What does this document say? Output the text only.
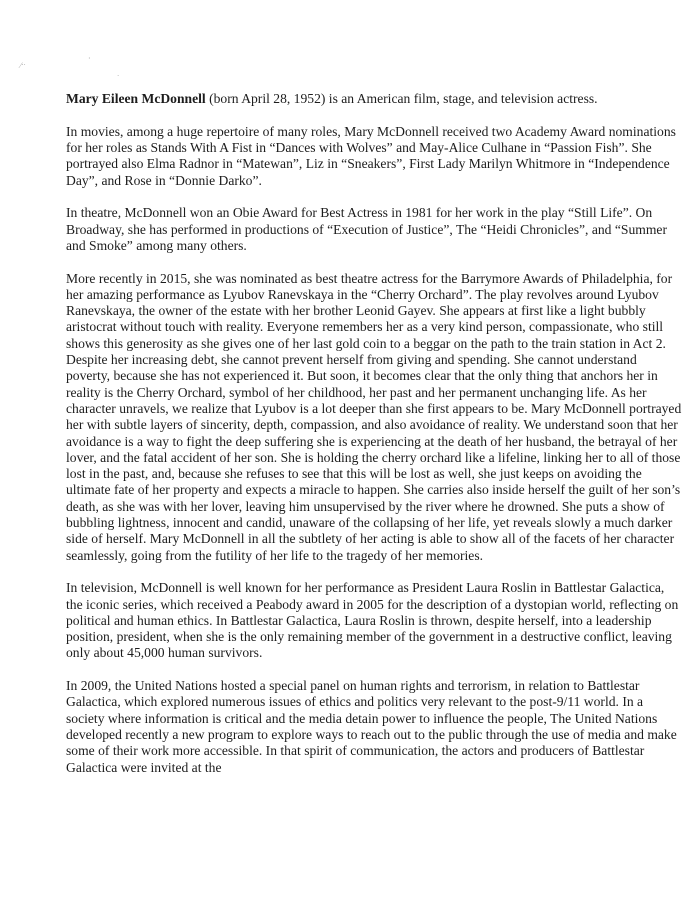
⁄ˑˑ
·
ˑ

Mary Eileen McDonnell (born April 28, 1952) is an American film, stage, and television actress.

In movies, among a huge repertoire of many roles, Mary McDonnell received two Academy Award nominations for her roles as Stands With A Fist in “Dances with Wolves” and May-Alice Culhane in “Passion Fish”. She portrayed also Elma Radnor in “Matewan”, Liz in “Sneakers”, First Lady Marilyn Whitmore in “Independence Day”, and Rose in “Donnie Darko”.

In theatre, McDonnell won an Obie Award for Best Actress in 1981 for her work in the play “Still Life”. On Broadway, she has performed in productions of “Execution of Justice”, The “Heidi Chronicles”, and “Summer and Smoke” among many others.

More recently in 2015, she was nominated as best theatre actress for the Barrymore Awards of Philadelphia, for her amazing performance as Lyubov Ranevskaya in the “Cherry Orchard”. The play revolves around Lyubov Ranevskaya, the owner of the estate with her brother Leonid Gayev. She appears at first like a light bubbly aristocrat without touch with reality. Everyone remembers her as a very kind person, compassionate, who still shows this generosity as she gives one of her last gold coin to a beggar on the path to the train station in Act 2. Despite her increasing debt, she cannot prevent herself from giving and spending. She cannot understand poverty, because she has not experienced it. But soon, it becomes clear that the only thing that anchors her in reality is the Cherry Orchard, symbol of her childhood, her past and her permanent unchanging life. As her character unravels, we realize that Lyubov is a lot deeper than she first appears to be. Mary McDonnell portrayed her with subtle layers of sincerity, depth, compassion, and also avoidance of reality. We understand soon that her avoidance is a way to fight the deep suffering she is experiencing at the death of her husband, the betrayal of her lover, and the fatal accident of her son. She is holding the cherry orchard like a lifeline, linking her to all of those lost in the past, and, because she refuses to see that this will be lost as well, she just keeps on avoiding the ultimate fate of her property and expects a miracle to happen. She carries also inside herself the guilt of her son’s death, as she was with her lover, leaving him unsupervised by the river where he drowned. She puts a show of bubbling lightness, innocent and candid, unaware of the collapsing of her life, yet reveals slowly a much darker side of herself. Mary McDonnell in all the subtlety of her acting is able to show all of the facets of her character seamlessly, going from the futility of her life to the tragedy of her memories.

In television, McDonnell is well known for her performance as President Laura Roslin in Battlestar Galactica, the iconic series, which received a Peabody award in 2005 for the description of a dystopian world, reflecting on political and human ethics. In Battlestar Galactica, Laura Roslin is thrown, despite herself, into a leadership position, president, when she is the only remaining member of the government in a destructive conflict, leaving only about 45,000 human survivors.

In 2009, the United Nations hosted a special panel on human rights and terrorism, in relation to Battlestar Galactica, which explored numerous issues of ethics and politics very relevant to the post-9/11 world. In a society where information is critical and the media detain power to influence the people, The United Nations developed recently a new program to explore ways to reach out to the public through the use of media and make some of their work more accessible. In that spirit of communication, the actors and producers of Battlestar Galactica were invited at the
